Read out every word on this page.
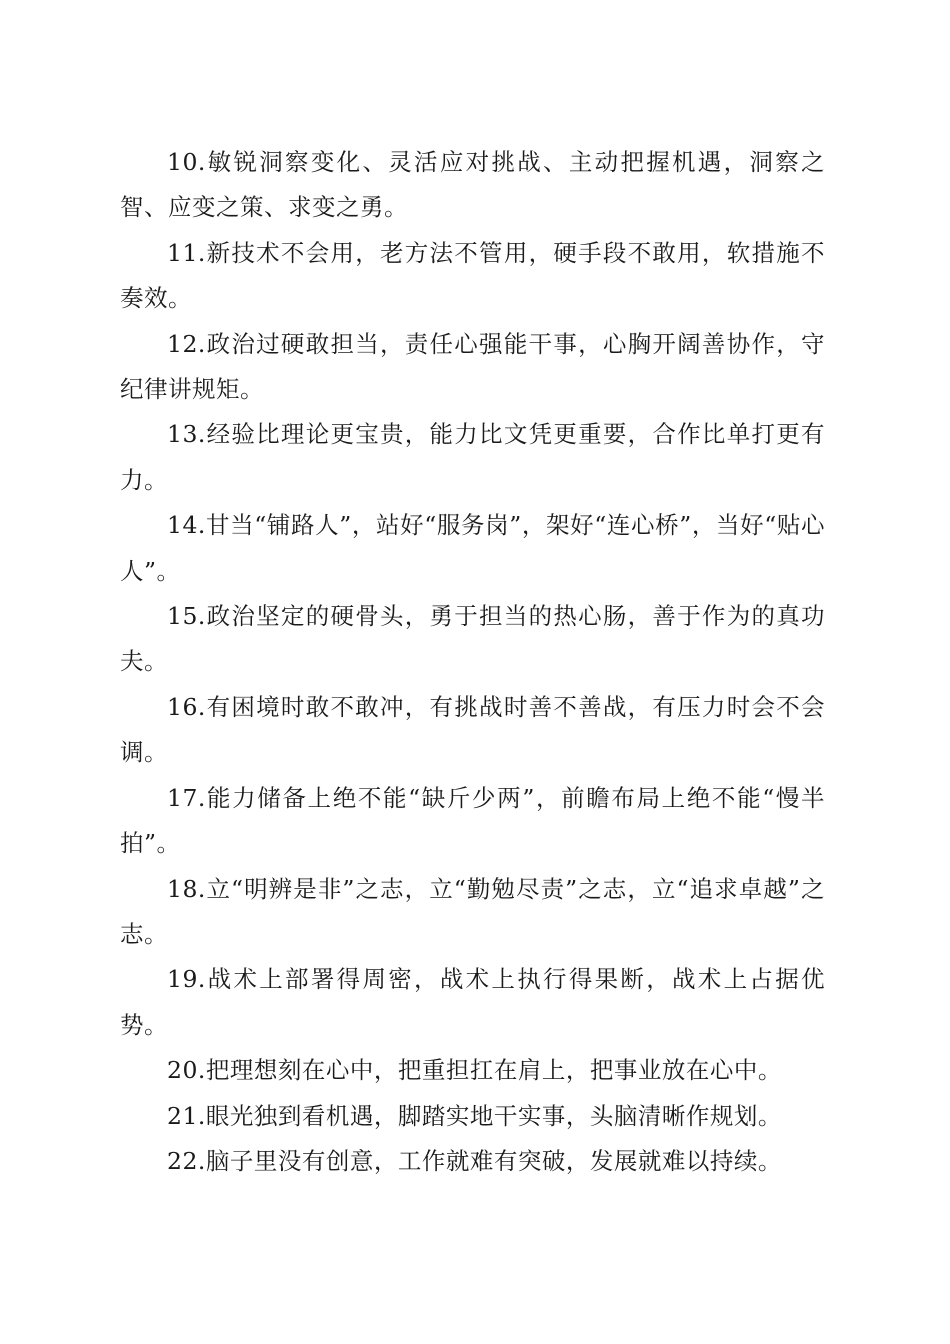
10.敏锐洞察变化、灵活应对挑战、主动把握机遇，洞察之智、应变之策、求变之勇。

11.新技术不会用，老方法不管用，硬手段不敢用，软措施不奏效。

12.政治过硬敢担当，责任心强能干事，心胸开阔善协作，守纪律讲规矩。

13.经验比理论更宝贵，能力比文凭更重要，合作比单打更有力。

14.甘当“铺路人”，站好“服务岗”，架好“连心桥”，当好“贴心人”。

15.政治坚定的硬骨头，勇于担当的热心肠，善于作为的真功夫。

16.有困境时敢不敢冲，有挑战时善不善战，有压力时会不会调。

17.能力储备上绝不能“缺斤少两”，前瞻布局上绝不能“慢半拍”。

18.立“明辨是非”之志，立“勤勉尽责”之志，立“追求卓越”之志。

19.战术上部署得周密，战术上执行得果断，战术上占据优势。

20.把理想刻在心中，把重担扛在肩上，把事业放在心中。

21.眼光独到看机遇，脚踏实地干实事，头脑清晰作规划。

22.脑子里没有创意，工作就难有突破，发展就难以持续。
